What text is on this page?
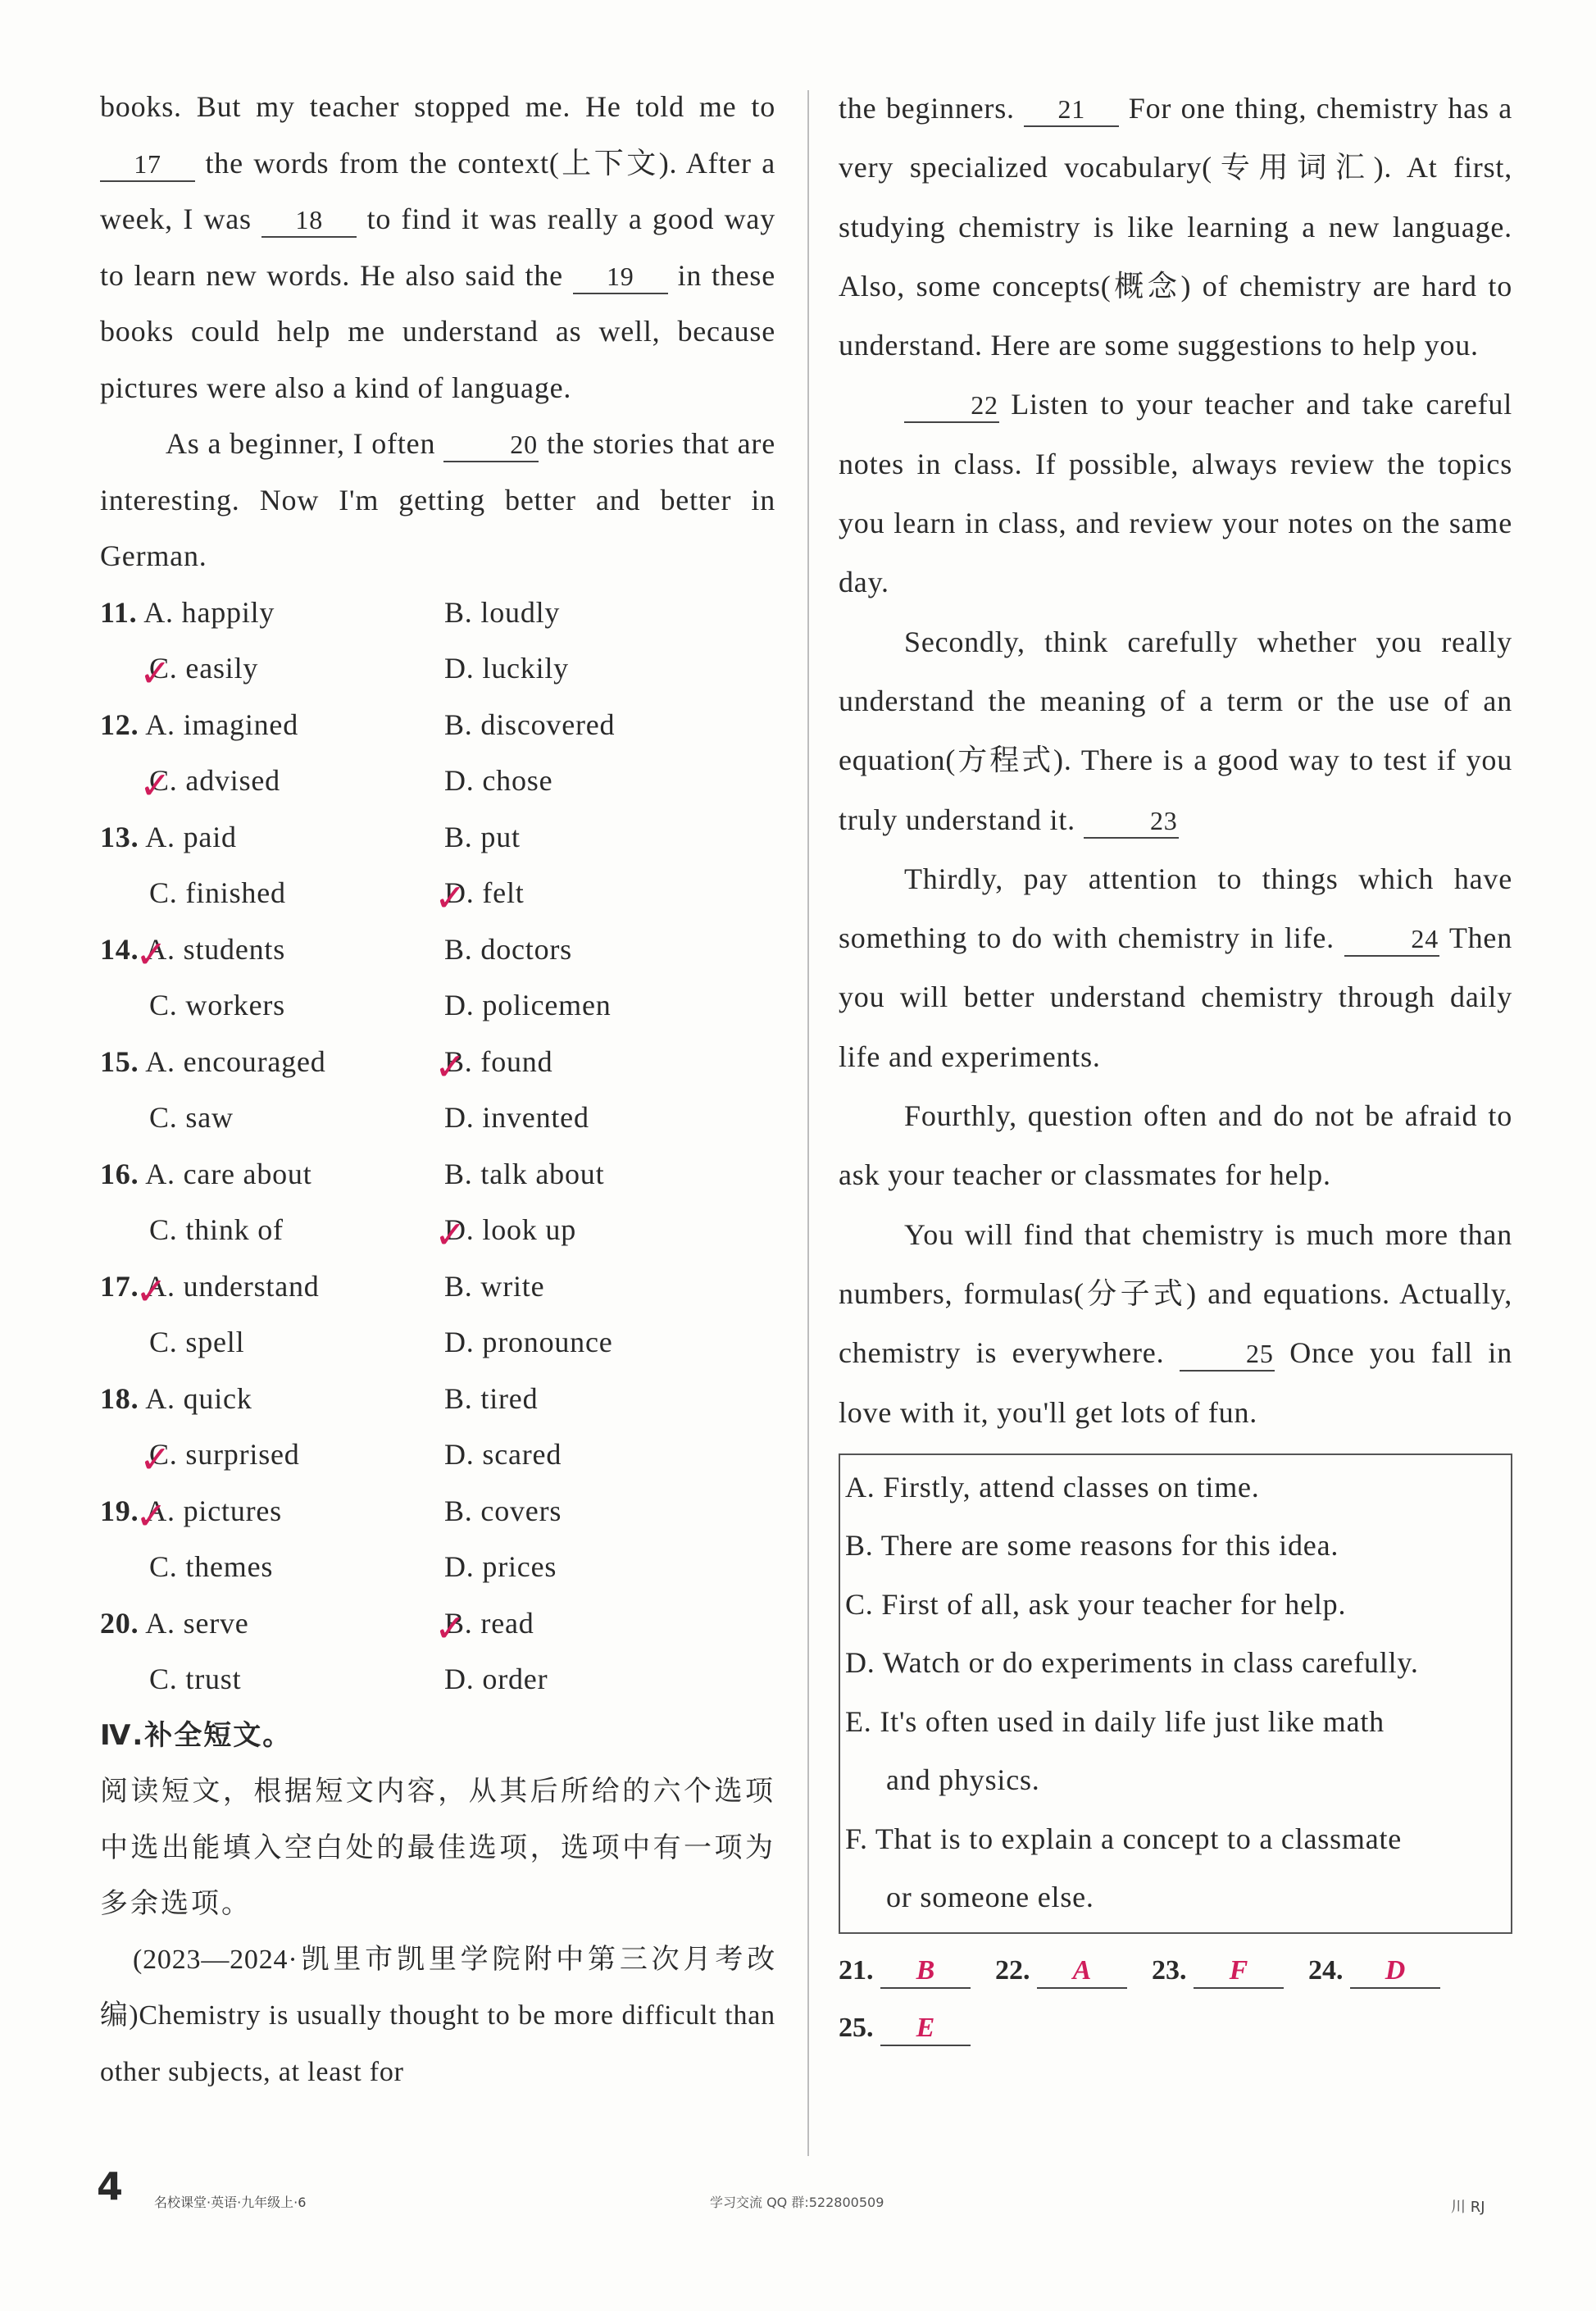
books. But my teacher stopped me. He told me to 17 the words from the context(上下文). After a week, I was 18 to find it was really a good way to learn new words. He also said the 19 in these books could help me understand as well, because pictures were also a kind of language.

As a beginner, I often	20 the stories that are interesting. Now I'm getting better and better in German.

11. A. happily	B. loudly
C. easily ✓	D. luckily
12. A. imagined	B. discovered
C. advised ✓	D. chose
13. A. paid	B. put
C. finished	D. felt ✓
14. A. students ✓	B. doctors
C. workers	D. policemen
15. A. encouraged	B. found ✓
C. saw	D. invented
16. A. care about	B. talk about
C. think of	D. look up ✓
17. A. understand ✓	B. write
C. spell	D. pronounce
18. A. quick	B. tired
C. surprised ✓	D. scared
19. A. pictures ✓	B. covers
C. themes	D. prices
20. A. serve	B. read ✓
C. trust	D. order

Ⅳ.补全短文。

阅读短文，根据短文内容，从其后所给的六个选项中选出能填入空白处的最佳选项，选项中有一项为多余选项。

(2023—2024·凯里市凯里学院附中第三次月考改编)Chemistry is usually thought to be more difficult than other subjects, at least for

the beginners. 21 For one thing, chemistry has a very specialized vocabulary(专用词汇). At first, studying chemistry is like learning a new language. Also, some concepts(概念) of chemistry are hard to understand. Here are some suggestions to help you.

22 Listen to your teacher and take careful notes in class. If possible, always review the topics you learn in class, and review your notes on the same day.

Secondly, think carefully whether you really understand the meaning of a term or the use of an equation(方程式). There is a good way to test if you truly understand it.	23

Thirdly, pay attention to things which have something to do with chemistry in life.	24 Then you will better understand chemistry through daily life and experiments.

Fourthly, question often and do not be afraid to ask your teacher or classmates for help.

You will find that chemistry is much more than numbers, formulas(分子式) and equations. Actually, chemistry is everywhere.	25 Once you fall in love with it, you'll get lots of fun.

A. Firstly, attend classes on time.
B. There are some reasons for this idea.
C. First of all, ask your teacher for help.
D. Watch or do experiments in class carefully.
E. It's often used in daily life just like math
and physics.
F. That is to explain a concept to a classmate
or someone else.
21. B	22. A	23. F	24. D
25. E
4 名校课堂·英语·九年级上·6	学习交流 QQ 群:522800509	川 RJ
